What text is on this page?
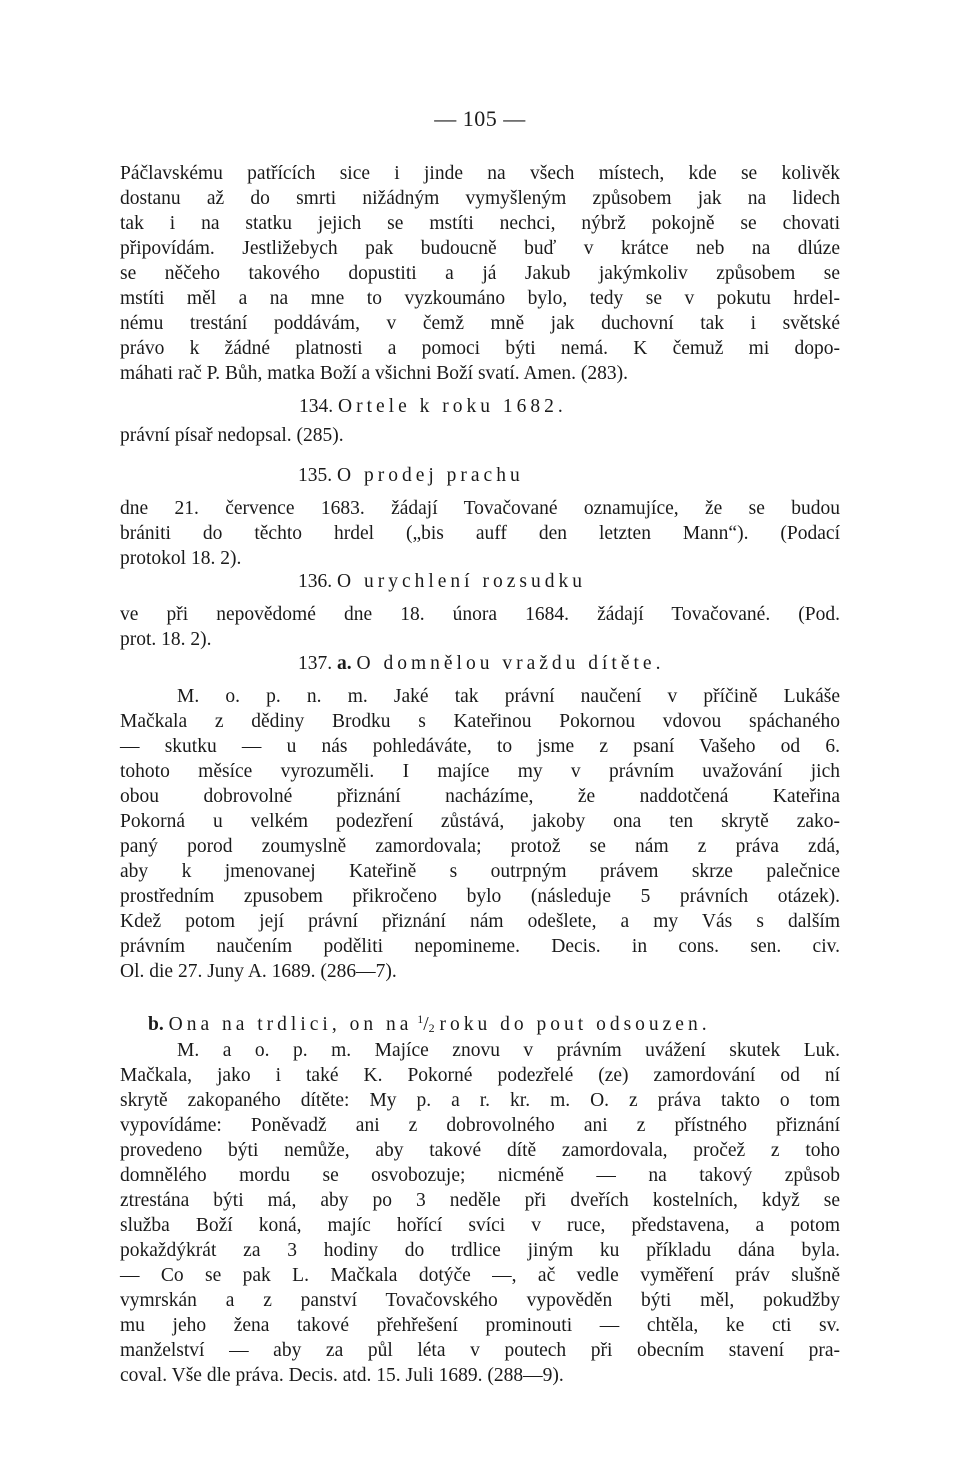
— 105 —
Páčlavskému patřících sice i jinde na všech místech, kde se kolivěk
dostanu až do smrti nižádným vymyšleným způsobem jak na lidech
tak i na statku jejich se mstíti nechci, nýbrž pokojně se chovati
připovídám. Jestližebych pak budoucně buď v krátce neb na dlúze
se něčeho takového dopustiti a já Jakub jakýmkoliv způsobem se
mstíti měl a na mne to vyzkoumáno bylo, tedy se v pokutu hrdel-
nému trestání poddávám, v čemž mně jak duchovní tak i světské
právo k žádné platnosti a pomoci býti nemá. K čemuž mi dopo-
máhati rač P. Bůh, matka Boží a všichni Boží svatí. Amen. (283).
134. Ortele k roku 1682.
právní písař nedopsal. (285).
135. O prodej prachu
dne 21. července 1683. žádají Tovačované oznamujíce, že se budou
brániti do těchto hrdel („bis auff den letzten Mann“). (Podací
protokol 18. 2).
136. O urychlení rozsudku
ve při nepovědomé dne 18. února 1684. žádají Tovačované. (Pod.
prot. 18. 2).
137. a. O domnělou vraždu dítěte.
M. o. p. n. m. Jaké tak právní naučení v příčině Lukáše
Mačkala z dědiny Brodku s Kateřinou Pokornou vdovou spáchaného
— skutku — u nás pohledáváte, to jsme z psaní Vašeho od 6.
tohoto měsíce vyrozuměli. I majíce my v právním uvažování jich
obou dobrovolné přiznání nacházíme, že naddotčená Kateřina
Pokorná u velkém podezření zůstává, jakoby ona ten skrytě zako-
paný porod zoumyslně zamordovala; protož se nám z práva zdá,
aby k jmenovanej Kateřině s outrpným právem skrze palečnice
prostředním zpusobem přikročeno bylo (následuje 5 právních otázek).
Kdež potom její právní přiznání nám odešlete, a my Vás s dalším
právním naučením poděliti nepomineme. Decis. in cons. sen. civ.
Ol. die 27. Juny A. 1689. (286—7).
b. Ona na trdlici, on na $^1/_2$ roku do pout odsouzen.
M. a o. p. m. Majíce znovu v právním uvážení skutek Luk.
Mačkala, jako i také K. Pokorné podezřelé (ze) zamordování od ní
skrytě zakopaného dítěte: My p. a r. kr. m. O. z práva takto o tom
vypovídáme: Poněvadž ani z dobrovolného ani z přístného přiznání
provedeno býti nemůže, aby takové dítě zamordovala, pročež z toho
domnělého mordu se osvobozuje; nicméně — na takový způsob
ztrestána býti má, aby po 3 neděle při dveřích kostelních, když se
služba Boží koná, majíc hořící svíci v ruce, představena, a potom
pokaždýkrát za 3 hodiny do trdlice jiným ku příkladu dána byla.
— Co se pak L. Mačkala dotýče —, ač vedle vyměření práv slušně
vymrskán a z panství Tovačovského vypověděn býti měl, pokudžby
mu jeho žena takové přehřešení prominouti — chtěla, ke cti sv.
manželství — aby za půl léta v poutech při obecním stavení pra-
coval. Vše dle práva. Decis. atd. 15. Juli 1689. (288—9).
